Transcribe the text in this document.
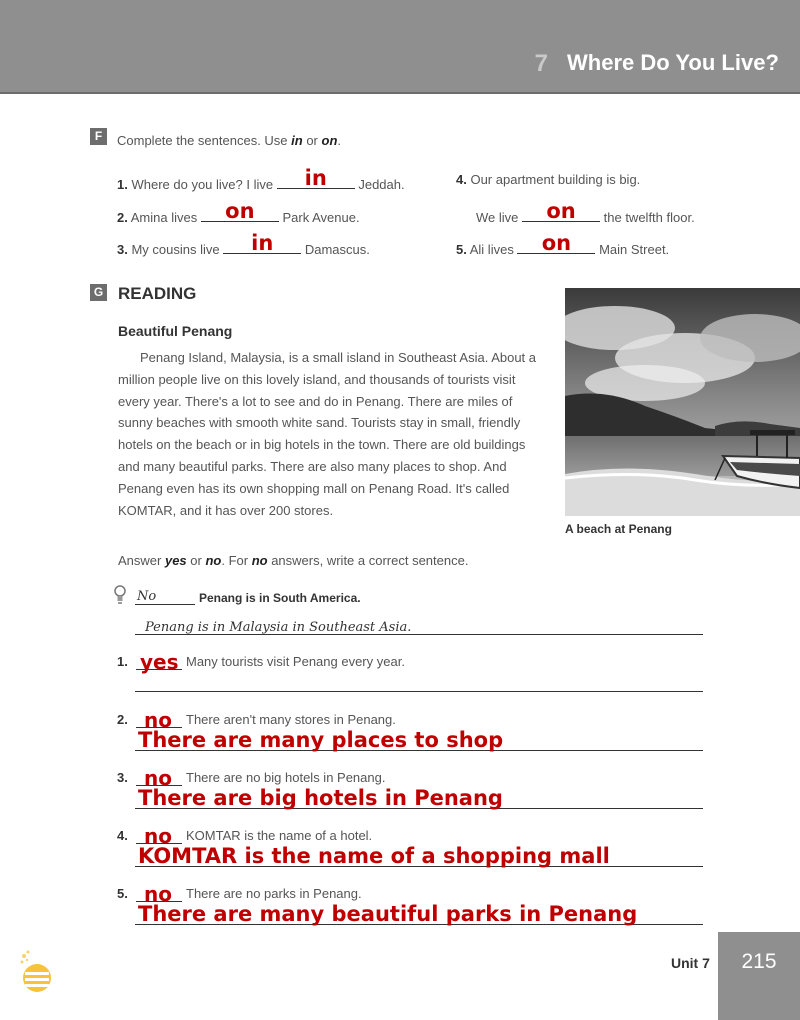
7 Where Do You Live?
F	Complete the sentences. Use in or on.
1. Where do you live? I live	in	Jeddah.
2. Amina lives	on	Park Avenue.
3. My cousins live	in	Damascus.
4. Our apartment building is big.
We live	on	the twelfth floor.
5. Ali lives	on	Main Street.
G READING
Beautiful Penang
Penang Island, Malaysia, is a small island in Southeast Asia. About a million people live on this lovely island, and thousands of tourists visit every year. There's a lot to see and do in Penang. There are miles of sunny beaches with smooth white sand. Tourists stay in small, friendly hotels on the beach or in big hotels in the town. There are old buildings and many beautiful parks. There are also many places to shop. And Penang even has its own shopping mall on Penang Road. It's called KOMTAR, and it has over 200 stores.
A beach at Penang
Answer yes or no. For no answers, write a correct sentence.
No	Penang is in South America.
Penang is in Malaysia in Southeast Asia.
1. yes Many tourists visit Penang every year.
2. no There aren't many stores in Penang.
There are many places to shop
3. no There are no big hotels in Penang.
There are big hotels in Penang
4. no KOMTAR is the name of a hotel.
KOMTAR is the name of a shopping mall
5. no There are no parks in Penang.
There are many beautiful parks in Penang
Unit 7	215
